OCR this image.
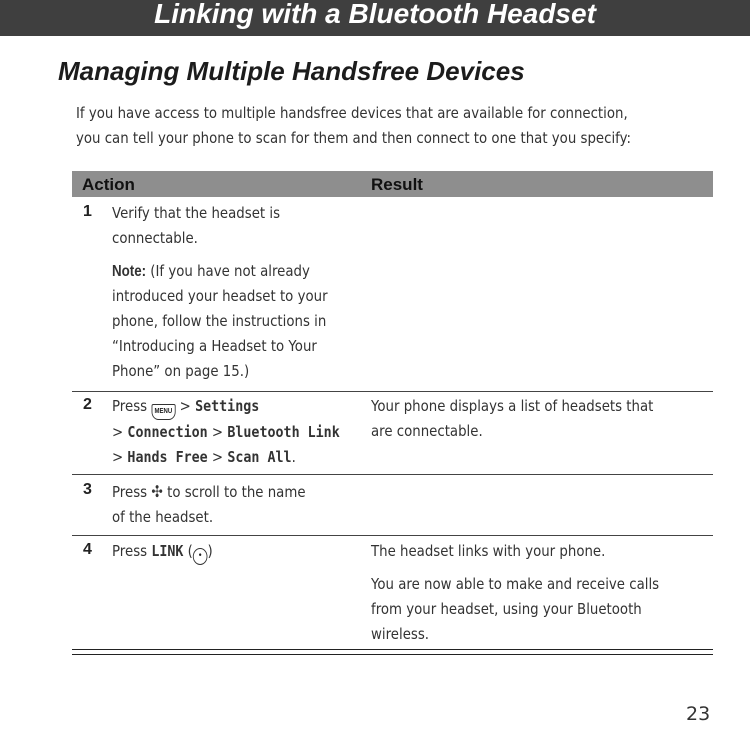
Linking with a Bluetooth Headset
Managing Multiple Handsfree Devices

If you have access to multiple handsfree devices that are available for connection,

you can tell your phone to scan for them and then connect to one that you specify:

Action	Result
1 Verify that the headset is

connectable.

Note: (If you have not already

introduced your headset to your

phone, follow the instructions in

“Introducing a Headset to Your

Phone” on page 15.)

2 Press MENU > Settings

> Connection > Bluetooth Link

> Hands Free > Scan All.

Your phone displays a list of headsets that

are connectable.

3 Press ✣ to scroll to the name

of the headset.

4 Press LINK ( • )	The headset links with your phone.

You are now able to make and receive calls

from your headset, using your Bluetooth

wireless.

23
